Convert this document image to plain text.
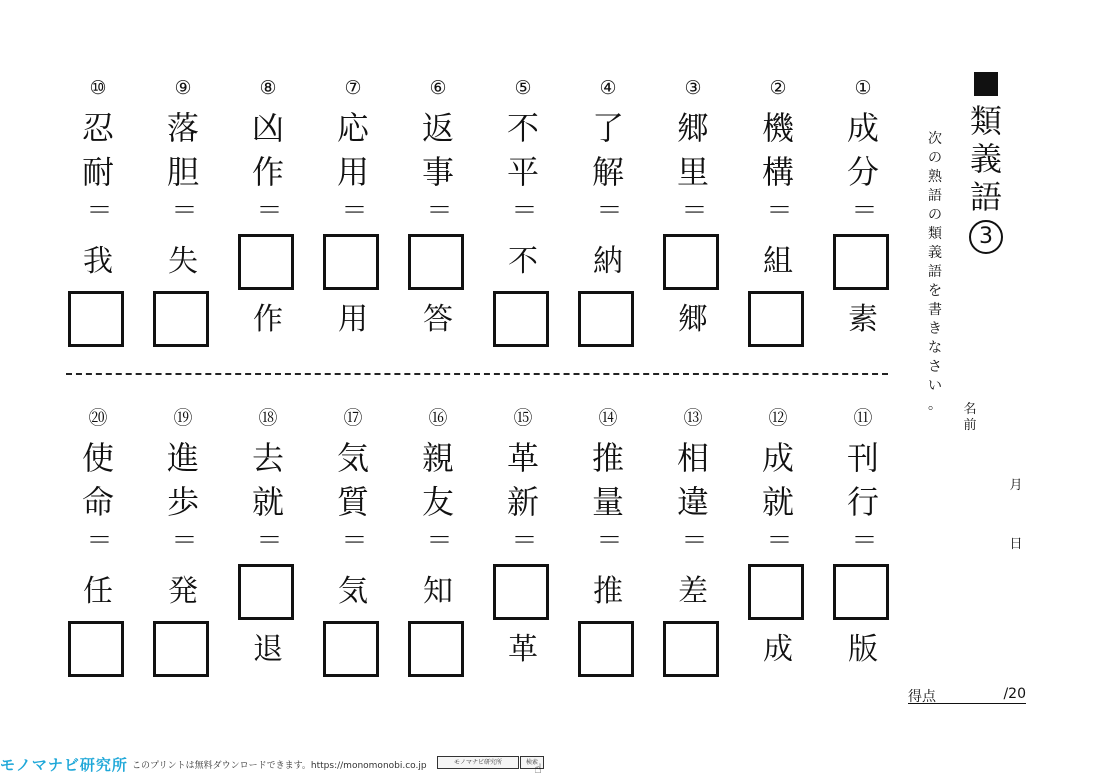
①
成
分
＝
素
②
機
構
＝
組
③
郷
里
＝
郷
④
了
解
＝
納
⑤
不
平
＝
不
⑥
返
事
＝
答
⑦
応
用
＝
用
⑧
凶
作
＝
作
⑨
落
胆
＝
失
⑩
忍
耐
＝
我
⑪
刊
行
＝
版
⑫
成
就
＝
成
⑬
相
違
＝
差
⑭
推
量
＝
推
⑮
革
新
＝
革
⑯
親
友
＝
知
⑰
気
質
＝
気
⑱
去
就
＝
退
⑲
進
歩
＝
発
⑳
使
命
＝
任
類
義
語
3
次
の
熟
語
の
類
義
語
を
書
き
な
さ
い
。 名
前
月
日
得点	/20
モノマナビ研究所 このプリントは無料ダウンロードできます。https://monomonobi.co.jp	モノマナビ研究所	検索
☝
